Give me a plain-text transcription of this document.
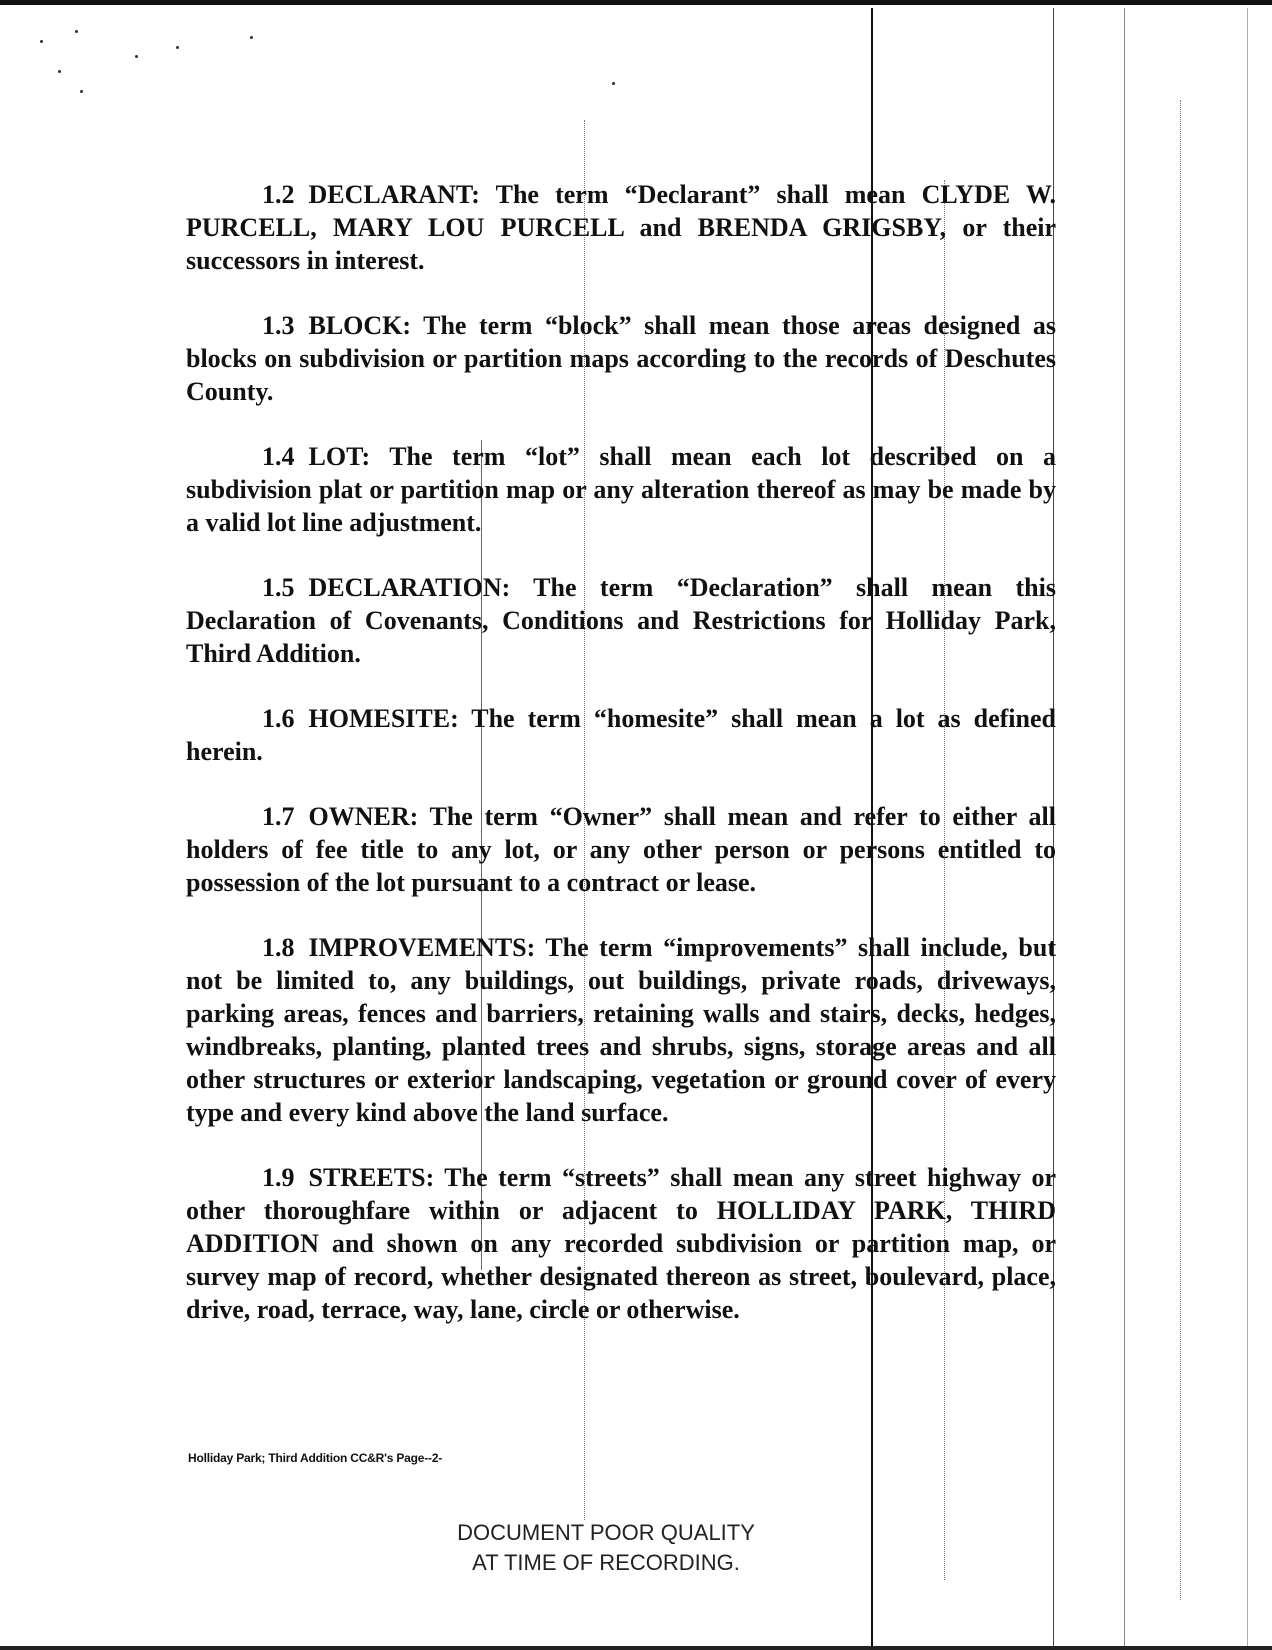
1.2 DECLARANT: The term “Declarant” shall mean CLYDE W. PURCELL, MARY LOU PURCELL and BRENDA GRIGSBY, or their successors in interest.

1.3 BLOCK: The term “block” shall mean those areas designed as blocks on subdivision or partition maps according to the records of Deschutes County.

1.4 LOT: The term “lot” shall mean each lot described on a subdivision plat or partition map or any alteration thereof as may be made by a valid lot line adjustment.

1.5 DECLARATION: The term “Declaration” shall mean this Declaration of Covenants, Conditions and Restrictions for Holliday Park, Third Addition.

1.6 HOMESITE: The term “homesite” shall mean a lot as defined herein.

1.7 OWNER: The term “Owner” shall mean and refer to either all holders of fee title to any lot, or any other person or persons entitled to possession of the lot pursuant to a contract or lease.

1.8 IMPROVEMENTS: The term “improvements” shall include, but not be limited to, any buildings, out buildings, private roads, driveways, parking areas, fences and barriers, retaining walls and stairs, decks, hedges, windbreaks, planting, planted trees and shrubs, signs, storage areas and all other structures or exterior landscaping, vegetation or ground cover of every type and every kind above the land surface.

1.9 STREETS: The term “streets” shall mean any street highway or other thoroughfare within or adjacent to HOLLIDAY PARK, THIRD ADDITION and shown on any recorded subdivision or partition map, or survey map of record, whether designated thereon as street, boulevard, place, drive, road, terrace, way, lane, circle or otherwise.

Holliday Park; Third Addition CC&R's Page--2-
DOCUMENT POOR QUALITY
AT TIME OF RECORDING.
